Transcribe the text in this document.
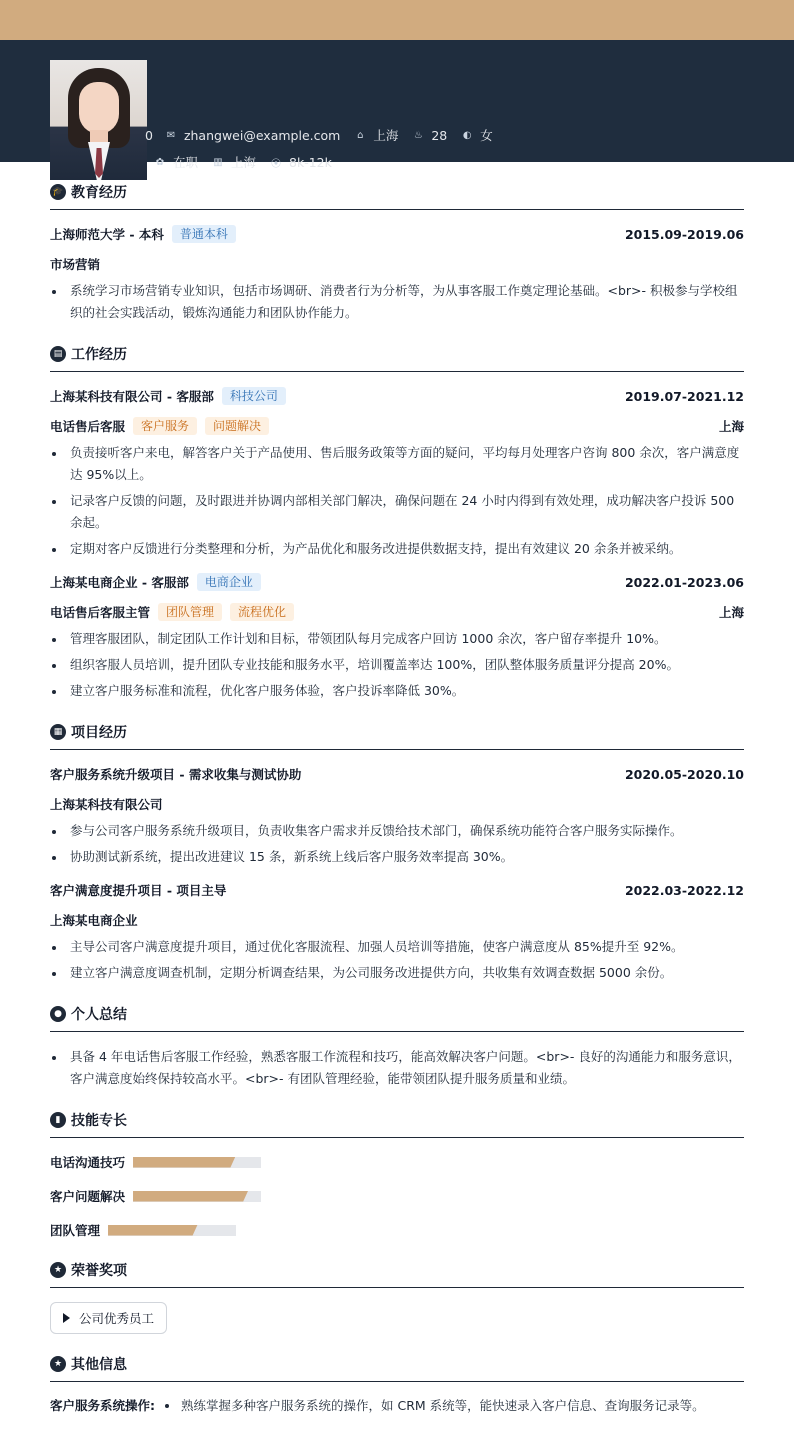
0 ✉ zhangwei@example.com ⌂ 上海 ♨ 28 ◐ 女
✿ 在职 ▥ 上海 ⦿ 8k-12k
🎓 教育经历
上海师范大学 - 本科	普通本科	2015.09-2019.06
市场营销
系统学习市场营销专业知识，包括市场调研、消费者行为分析等，为从事客服工作奠定理论基础。<br>- 积极参与学校组织的社会实践活动，锻炼沟通能力和团队协作能力。
▤ 工作经历
上海某科技有限公司 - 客服部	科技公司	2019.07-2021.12
电话售后客服	客户服务	问题解决	上海
负责接听客户来电，解答客户关于产品使用、售后服务政策等方面的疑问，平均每月处理客户咨询 800 余次，客户满意度达 95%以上。
记录客户反馈的问题，及时跟进并协调内部相关部门解决，确保问题在 24 小时内得到有效处理，成功解决客户投诉 500 余起。
定期对客户反馈进行分类整理和分析，为产品优化和服务改进提供数据支持，提出有效建议 20 余条并被采纳。
上海某电商企业 - 客服部	电商企业	2022.01-2023.06
电话售后客服主管	团队管理	流程优化	上海
管理客服团队，制定团队工作计划和目标，带领团队每月完成客户回访 1000 余次，客户留存率提升 10%。
组织客服人员培训，提升团队专业技能和服务水平，培训覆盖率达 100%，团队整体服务质量评分提高 20%。
建立客户服务标准和流程，优化客户服务体验，客户投诉率降低 30%。
▦ 项目经历
客户服务系统升级项目 - 需求收集与测试协助	2020.05-2020.10
上海某科技有限公司
参与公司客户服务系统升级项目，负责收集客户需求并反馈给技术部门，确保系统功能符合客户服务实际操作。
协助测试新系统，提出改进建议 15 条，新系统上线后客户服务效率提高 30%。
客户满意度提升项目 - 项目主导	2022.03-2022.12
上海某电商企业
主导公司客户满意度提升项目，通过优化客服流程、加强人员培训等措施，使客户满意度从 85%提升至 92%。
建立客户满意度调查机制，定期分析调查结果，为公司服务改进提供方向，共收集有效调查数据 5000 余份。
● 个人总结
具备 4 年电话售后客服工作经验，熟悉客服工作流程和技巧，能高效解决客户问题。<br>- 良好的沟通能力和服务意识，客户满意度始终保持较高水平。<br>- 有团队管理经验，能带领团队提升服务质量和业绩。
▮ 技能专长
电话沟通技巧
客户问题解决
团队管理
★ 荣誉奖项
公司优秀员工
★ 其他信息
客户服务系统操作: 熟练掌握多种客户服务系统的操作，如 CRM 系统等，能快速录入客户信息、查询服务记录等。
